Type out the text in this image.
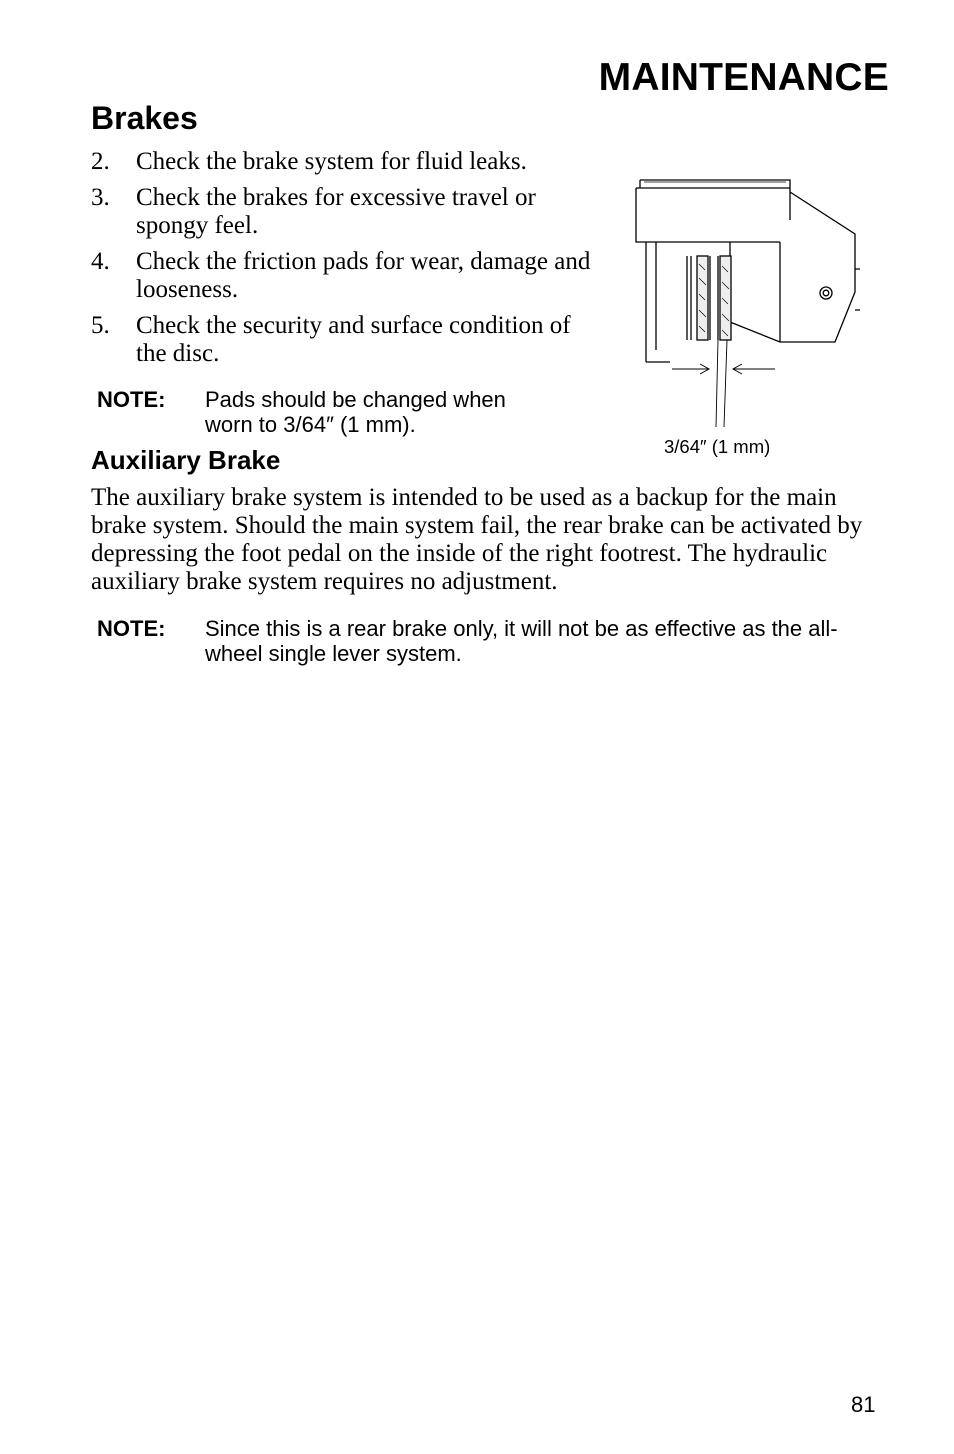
MAINTENANCE
Brakes
2. Check the brake system for fluid leaks.
3. Check the brakes for excessive travel or spongy feel.
4. Check the friction pads for wear, damage and looseness.
5. Check the security and surface condition of the disc.
NOTE: Pads should be changed when worn to 3/64″ (1 mm).
3/64″ (1 mm)
Auxiliary Brake

The auxiliary brake system is intended to be used as a backup for the main brake system. Should the main system fail, the rear brake can be activated by depressing the foot pedal on the inside of the right footrest. The hydraulic auxiliary brake system requires no adjustment.

NOTE: Since this is a rear brake only, it will not be as effective as the all-wheel single lever system.
81
